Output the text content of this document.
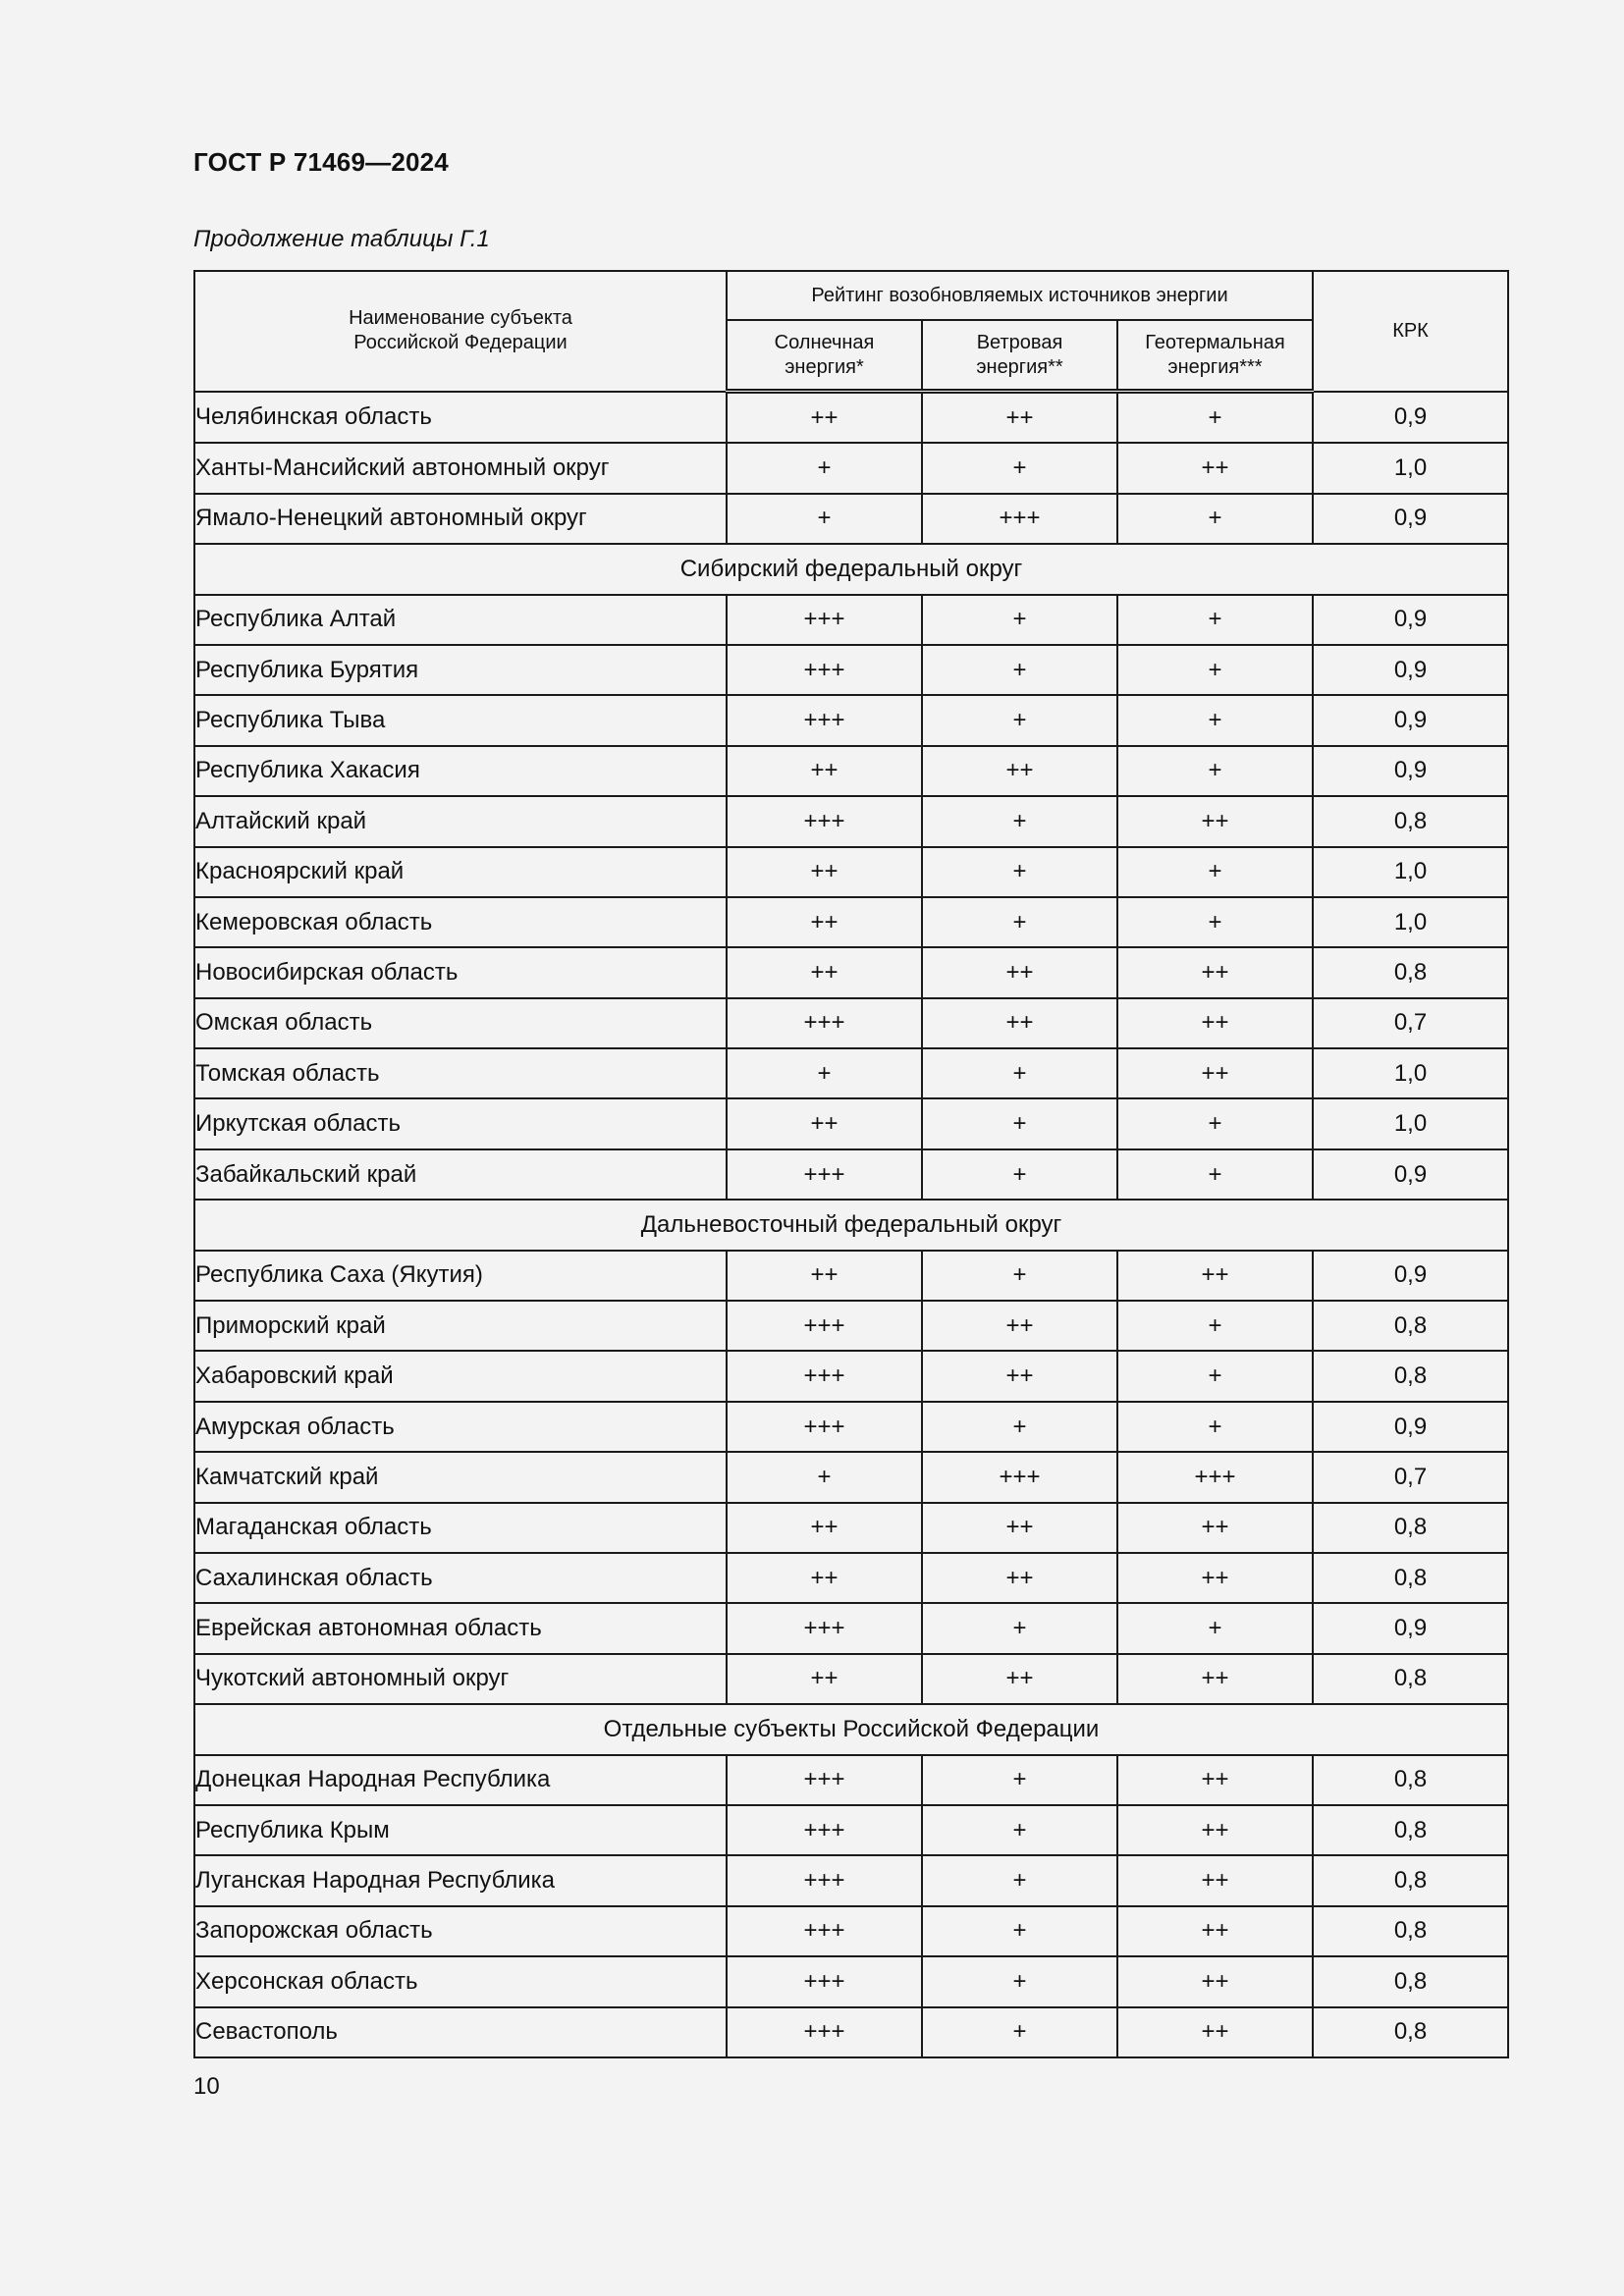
ГОСТ Р 71469—2024
Продолжение таблицы Г.1
Наименование субъекта Российской Федерации	Рейтинг возобновляемых источников энергии			КРК

	Солнечная энергия*	Ветровая энергия**	Геотермальная энергия***	

Челябинская область	++	++	+	0,9
Ханты-Мансийский автономный округ	+	+	++	1,0
Ямало-Ненецкий автономный округ	+	+++	+	0,9
Сибирский федеральный округ				
Республика Алтай	+++	+	+	0,9
Республика Бурятия	+++	+	+	0,9
Республика Тыва	+++	+	+	0,9
Республика Хакасия	++	++	+	0,9
Алтайский край	+++	+	++	0,8
Красноярский край	++	+	+	1,0
Кемеровская область	++	+	+	1,0
Новосибирская область	++	++	++	0,8
Омская область	+++	++	++	0,7
Томская область	+	+	++	1,0
Иркутская область	++	+	+	1,0
Забайкальский край	+++	+	+	0,9
Дальневосточный федеральный округ				
Республика Саха (Якутия)	++	+	++	0,9
Приморский край	+++	++	+	0,8
Хабаровский край	+++	++	+	0,8
Амурская область	+++	+	+	0,9
Камчатский край	+	+++	+++	0,7
Магаданская область	++	++	++	0,8
Сахалинская область	++	++	++	0,8
Еврейская автономная область	+++	+	+	0,9
Чукотский автономный округ	++	++	++	0,8
Отдельные субъекты Российской Федерации				
Донецкая Народная Республика	+++	+	++	0,8
Республика Крым	+++	+	++	0,8
Луганская Народная Республика	+++	+	++	0,8
Запорожская область	+++	+	++	0,8
Херсонская область	+++	+	++	0,8
Севастополь	+++	+	++	0,8
10
